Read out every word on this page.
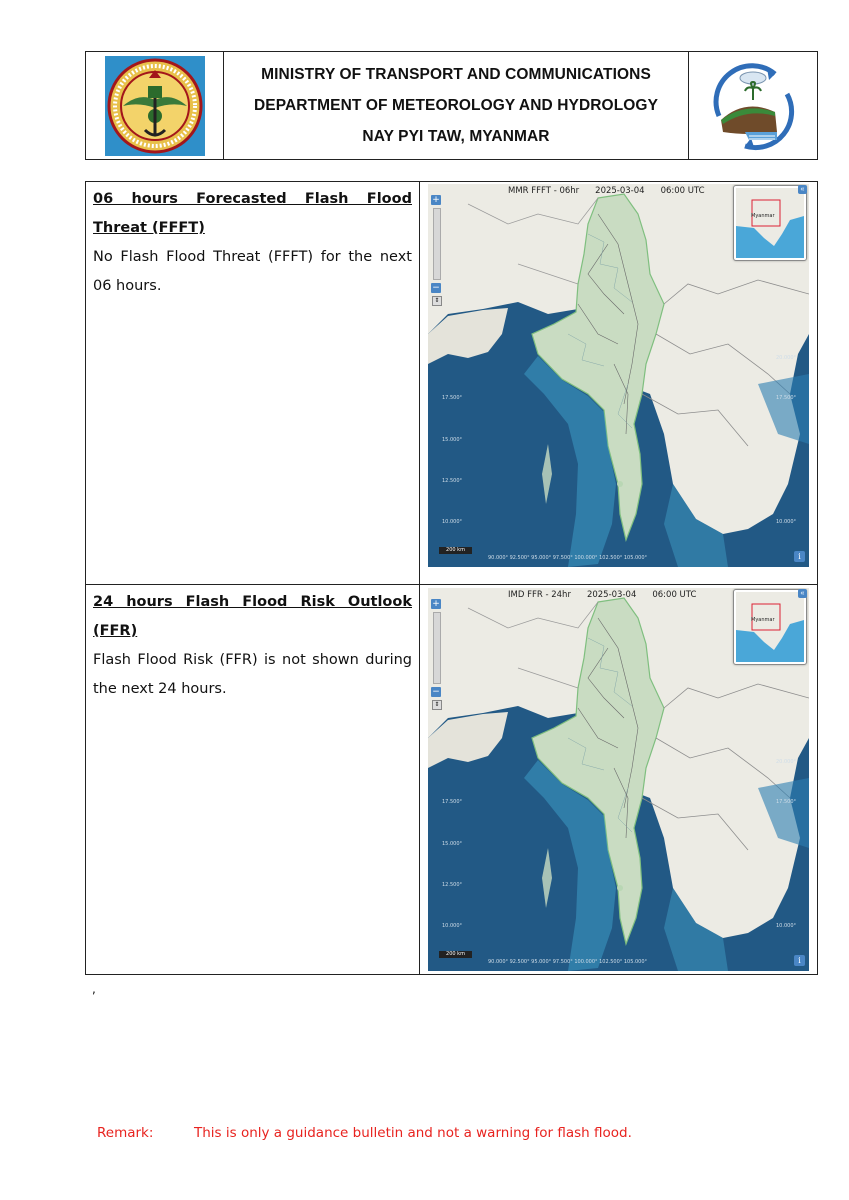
MINISTRY OF TRANSPORT AND COMMUNICATIONS
DEPARTMENT OF METEOROLOGY AND HYDROLOGY
NAY PYI TAW, MYANMAR
06 hours Forecasted Flash Flood Threat (FFFT)
No Flash Flood Threat (FFFT) for the next 06 hours.
17.500°
15.000°
12.500°
10.000°
17.500°
20.000°
10.000°
90.000° 92.500° 95.000° 97.500° 100.000° 102.500° 105.000°
MMR FFFT - 06hr 2025-03-04 06:00 UTC
+
−
⇕
Myanmar
«
200 km
i
24 hours Flash Flood Risk Outlook (FFR)
Flash Flood Risk (FFR) is not shown during the next 24 hours.
17.500°
15.000°
12.500°
10.000°
17.500°
20.000°
10.000°
90.000° 92.500° 95.000° 97.500° 100.000° 102.500° 105.000°
IMD FFR - 24hr 2025-03-04 06:00 UTC
+
−
⇕
Myanmar
«
200 km
i
,
Remark:	This is only a guidance bulletin and not a warning for flash flood.
